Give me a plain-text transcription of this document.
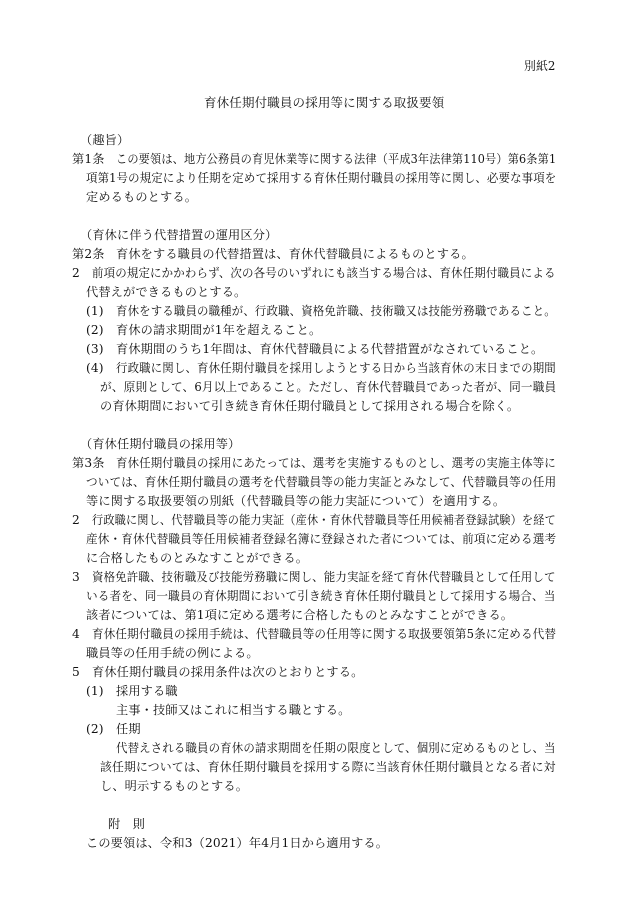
別紙2
育休任期付職員の採用等に関する取扱要領
（趣旨）
第1条 この要領は、地方公務員の育児休業等に関する法律（平成3年法律第110号）第6条第1
項第1号の規定により任期を定めて採用する育休任期付職員の採用等に関し、必要な事項を
定めるものとする。
（育休に伴う代替措置の運用区分）
第2条 育休をする職員の代替措置は、育休代替職員によるものとする。
2 前項の規定にかかわらず、次の各号のいずれにも該当する場合は、育休任期付職員による
代替えができるものとする。
(1) 育休をする職員の職種が、行政職、資格免許職、技術職又は技能労務職であること。
(2) 育休の請求期間が1年を超えること。
(3) 育休期間のうち1年間は、育休代替職員による代替措置がなされていること。
(4) 行政職に関し、育休任期付職員を採用しようとする日から当該育休の末日までの期間
が、原則として、6月以上であること。ただし、育休代替職員であった者が、同一職員
の育休期間において引き続き育休任期付職員として採用される場合を除く。
（育休任期付職員の採用等）
第3条 育休任期付職員の採用にあたっては、選考を実施するものとし、選考の実施主体等に
ついては、育休任期付職員の選考を代替職員等の能力実証とみなして、代替職員等の任用
等に関する取扱要領の別紙（代替職員等の能力実証について）を適用する。
2 行政職に関し、代替職員等の能力実証（産休・育休代替職員等任用候補者登録試験）を経て
産休・育休代替職員等任用候補者登録名簿に登録された者については、前項に定める選考
に合格したものとみなすことができる。
3 資格免許職、技術職及び技能労務職に関し、能力実証を経て育休代替職員として任用して
いる者を、同一職員の育休期間において引き続き育休任期付職員として採用する場合、当
該者については、第1項に定める選考に合格したものとみなすことができる。
4 育休任期付職員の採用手続は、代替職員等の任用等に関する取扱要領第5条に定める代替
職員等の任用手続の例による。
5 育休任期付職員の採用条件は次のとおりとする。
(1) 採用する職
主事・技師又はこれに相当する職とする。
(2) 任期
代替えされる職員の育休の請求期間を任期の限度として、個別に定めるものとし、当
該任期については、育休任期付職員を採用する際に当該育休任期付職員となる者に対
し、明示するものとする。
附　則
この要領は、令和3（2021）年4月1日から適用する。
